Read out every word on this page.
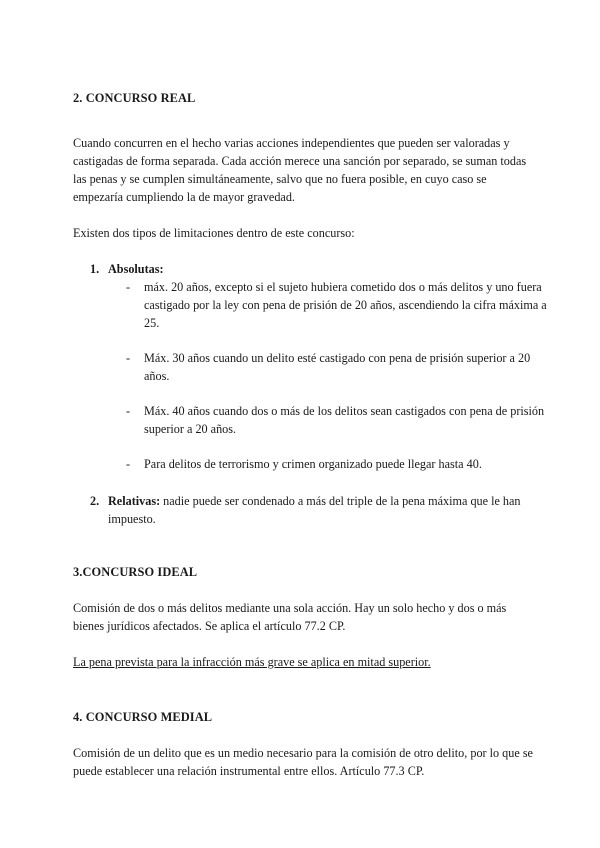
2. CONCURSO REAL

Cuando concurren en el hecho varias acciones independientes que pueden ser valoradas y castigadas de forma separada. Cada acción merece una sanción por separado, se suman todas las penas y se cumplen simultáneamente, salvo que no fuera posible, en cuyo caso se empezaría cumpliendo la de mayor gravedad.

Existen dos tipos de limitaciones dentro de este concurso:

1. Absolutas:
- máx. 20 años, excepto si el sujeto hubiera cometido dos o más delitos y uno fuera castigado por la ley con pena de prisión de 20 años, ascendiendo la cifra máxima a 25.
- Máx. 30 años cuando un delito esté castigado con pena de prisión superior a 20 años.
- Máx. 40 años cuando dos o más de los delitos sean castigados con pena de prisión superior a 20 años.
- Para delitos de terrorismo y crimen organizado puede llegar hasta 40.
2. Relativas: nadie puede ser condenado a más del triple de la pena máxima que le han impuesto.
3.CONCURSO IDEAL

Comisión de dos o más delitos mediante una sola acción. Hay un solo hecho y dos o más bienes jurídicos afectados. Se aplica el artículo 77.2 CP.

La pena prevista para la infracción más grave se aplica en mitad superior.

4. CONCURSO MEDIAL

Comisión de un delito que es un medio necesario para la comisión de otro delito, por lo que se puede establecer una relación instrumental entre ellos. Artículo 77.3 CP.
